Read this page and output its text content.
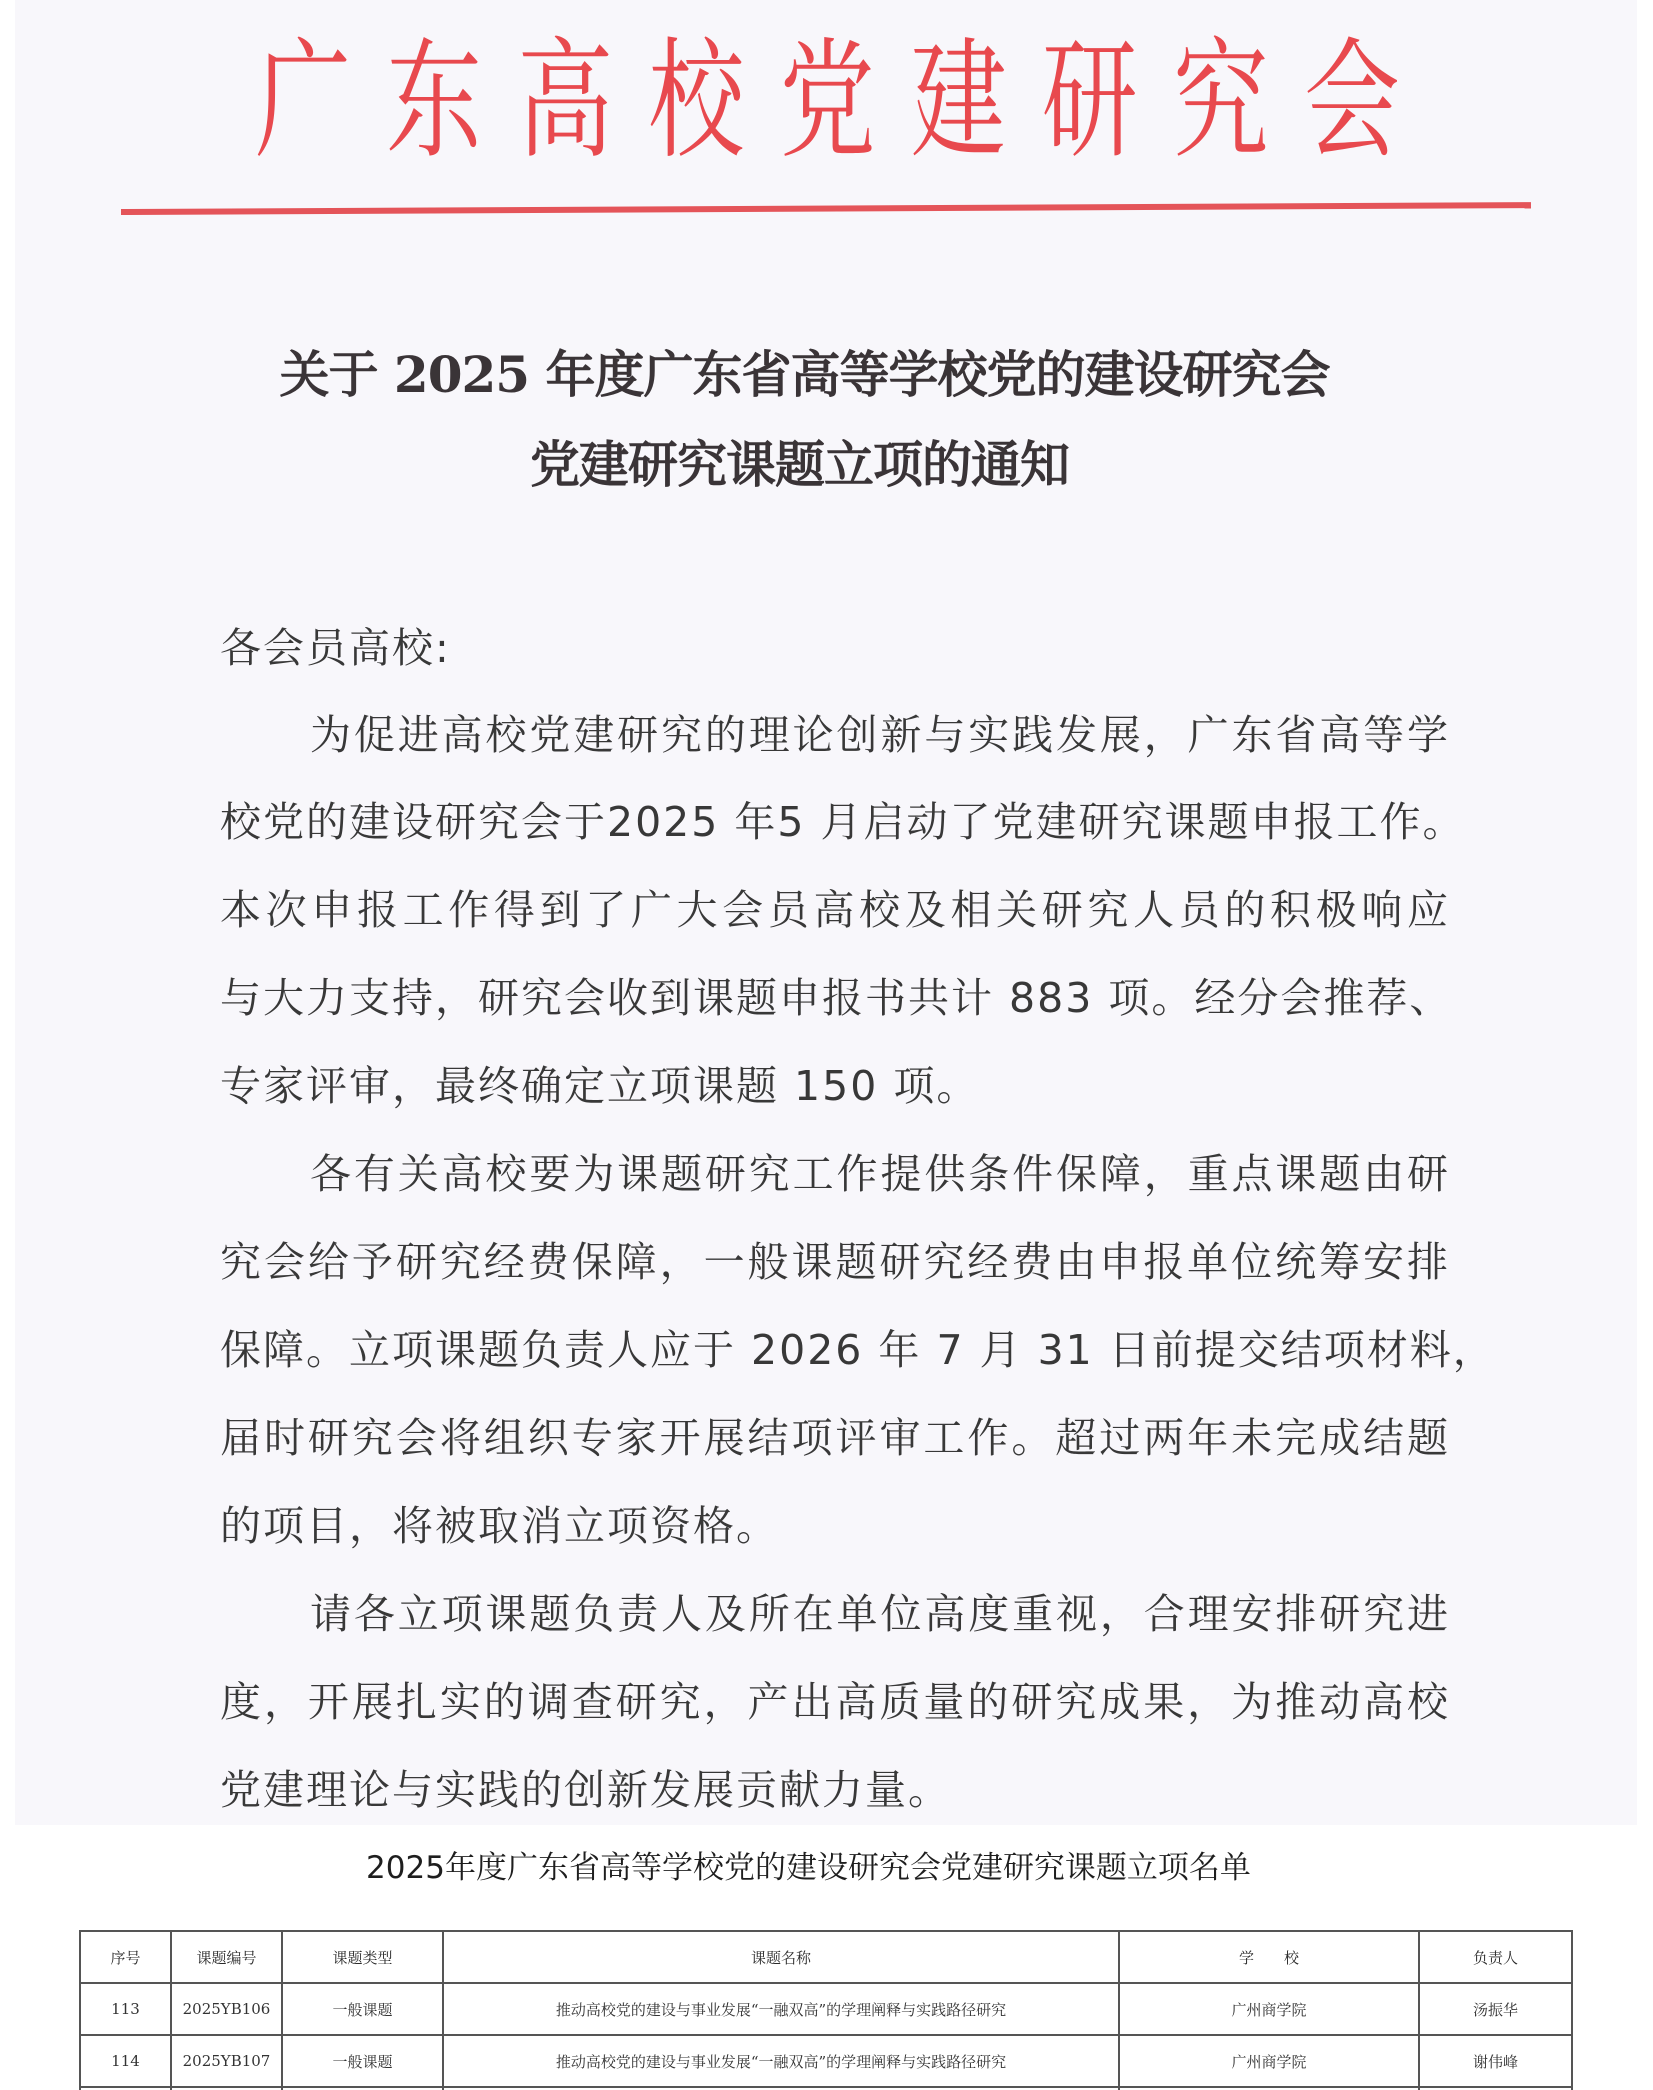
广 东 高 校 党 建 研 究 会
关于 2025 年度广东省高等学校党的建设研究会
党建研究课题立项的通知
各会员高校:
为促进高校党建研究的理论创新与实践发展，广东省高等学
校党的建设研究会于2025 年5 月启动了党建研究课题申报工作。
本次申报工作得到了广大会员高校及相关研究人员的积极响应
与大力支持，研究会收到课题申报书共计 883 项。经分会推荐、
专家评审，最终确定立项课题 150 项。
各有关高校要为课题研究工作提供条件保障，重点课题由研
究会给予研究经费保障，一般课题研究经费由申报单位统筹安排
保障。立项课题负责人应于 2026 年 7 月 31 日前提交结项材料，
届时研究会将组织专家开展结项评审工作。超过两年未完成结题
的项目，将被取消立项资格。
请各立项课题负责人及所在单位高度重视，合理安排研究进
度，开展扎实的调查研究，产出高质量的研究成果，为推动高校
党建理论与实践的创新发展贡献力量。
2025年度广东省高等学校党的建设研究会党建研究课题立项名单
序号	课题编号	课题类型	课题名称	学　　校	负责人
113	2025YB106	一般课题	推动高校党的建设与事业发展“一融双高”的学理阐释与实践路径研究	广州商学院	汤振华
114	2025YB107	一般课题	推动高校党的建设与事业发展“一融双高”的学理阐释与实践路径研究	广州商学院	谢伟峰
